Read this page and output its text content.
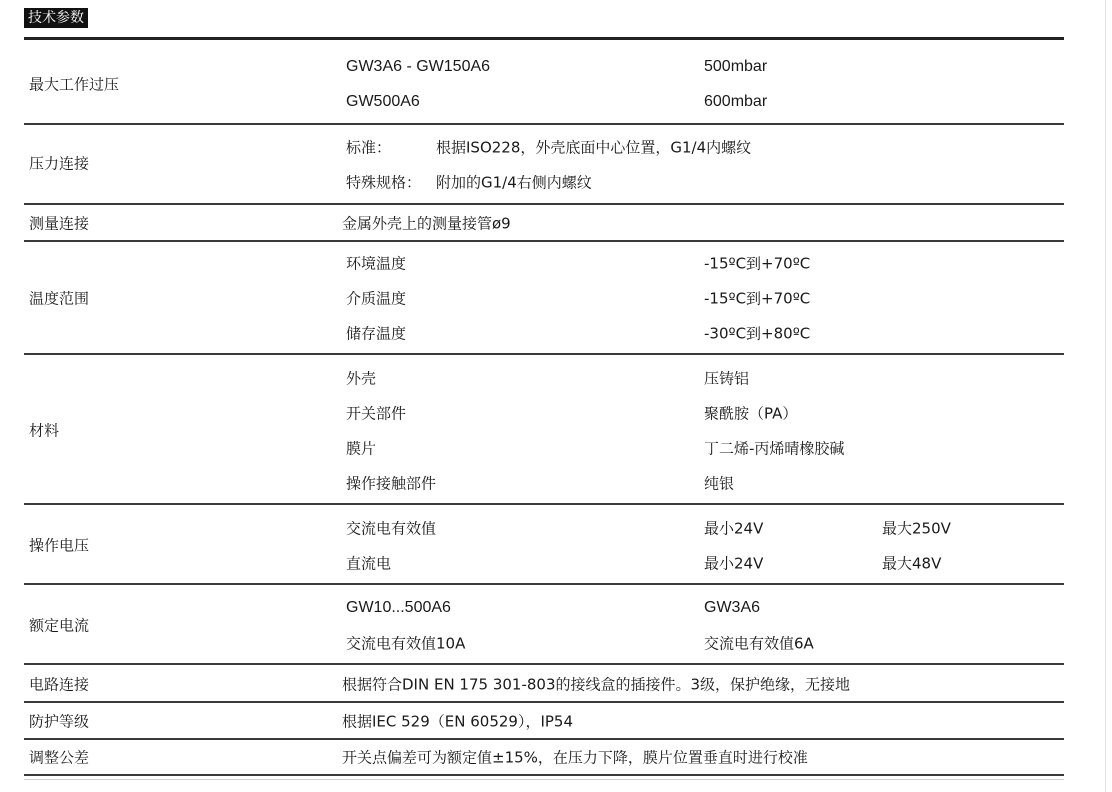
技术参数
最大工作过压
GW3A6 - GW150A6	500mbar
GW500A6	600mbar
压力连接
标准：	根据ISO228，外壳底面中心位置，G1/4内螺纹
特殊规格： 附加的G1/4右侧内螺纹
测量连接	金属外壳上的测量接管ø9
温度范围
环境温度	-15ºC到+70ºC
介质温度	-15ºC到+70ºC
储存温度	-30ºC到+80ºC
材料
外壳	压铸铝
开关部件	聚酰胺（PA）
膜片	丁二烯-丙烯晴橡胶碱
操作接触部件	纯银
操作电压
交流电有效值	最小24V	最大250V
直流电	最小24V	最大48V
额定电流
GW10...500A6	GW3A6
交流电有效值10A	交流电有效值6A
电路连接	根据符合DIN EN 175 301-803的接线盒的插接件。3级，保护绝缘，无接地
防护等级	根据IEC 529（EN 60529），IP54
调整公差	开关点偏差可为额定值±15%，在压力下降，膜片位置垂直时进行校准
